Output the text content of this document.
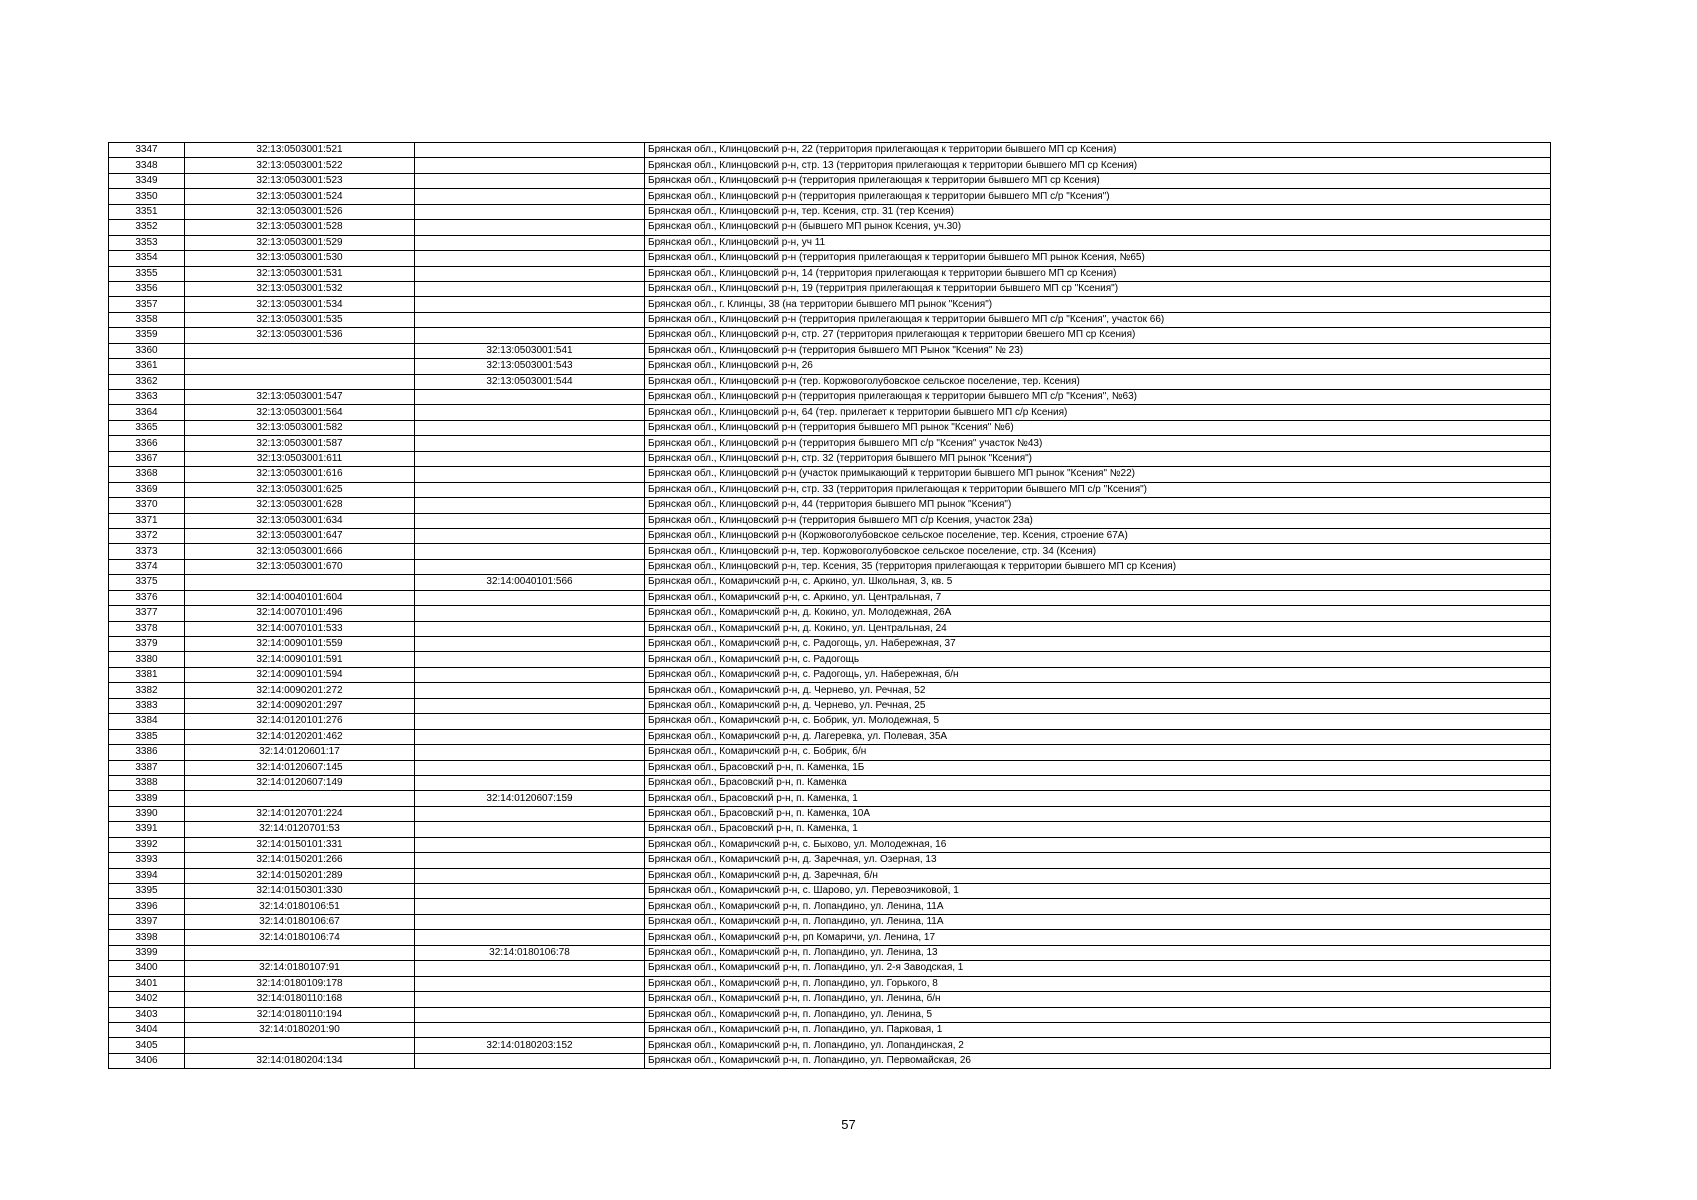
3347	32:13:0503001:521		Брянская обл., Клинцовский р-н, 22 (территория прилегающая к территории бывшего МП ср Ксения)
3348	32:13:0503001:522		Брянская обл., Клинцовский р-н, стр. 13 (территория прилегающая к территории бывшего МП ср Ксения)
3349	32:13:0503001:523		Брянская обл., Клинцовский р-н (территория прилегающая к территории бывшего МП ср Ксения)
3350	32:13:0503001:524		Брянская обл., Клинцовский р-н (территория прилегающая к территории бывшего МП с/р "Ксения")
3351	32:13:0503001:526		Брянская обл., Клинцовский р-н, тер. Ксения, стр. 31 (тер Ксения)
3352	32:13:0503001:528		Брянская обл., Клинцовский р-н (бывшего МП рынок Ксения, уч.30)
3353	32:13:0503001:529		Брянская обл., Клинцовский р-н, уч 11
3354	32:13:0503001:530		Брянская обл., Клинцовский р-н (территория прилегающая к территории бывшего МП рынок Ксения, №65)
3355	32:13:0503001:531		Брянская обл., Клинцовский р-н, 14 (территория прилегающая к территории бывшего МП ср Ксения)
3356	32:13:0503001:532		Брянская обл., Клинцовский р-н, 19 (территрия прилегающая к территории бывшего МП ср "Ксения")
3357	32:13:0503001:534		Брянская обл., г. Клинцы, 38 (на территории бывшего МП рынок "Ксения")
3358	32:13:0503001:535		Брянская обл., Клинцовский р-н (территория прилегающая к территории бывшего МП с/р "Ксения", участок 66)
3359	32:13:0503001:536		Брянская обл., Клинцовский р-н, стр. 27 (территория прилегающая к территории бвешего МП ср Ксения)
3360		32:13:0503001:541	Брянская обл., Клинцовский р-н (территория бывшего МП Рынок "Ксения" № 23)
3361		32:13:0503001:543	Брянская обл., Клинцовский р-н, 26
3362		32:13:0503001:544	Брянская обл., Клинцовский р-н (тер. Коржовоголубовское сельское поселение, тер. Ксения)
3363	32:13:0503001:547		Брянская обл., Клинцовский р-н (территория прилегающая к территории бывшего МП с/р "Ксения", №63)
3364	32:13:0503001:564		Брянская обл., Клинцовский р-н, 64 (тер. прилегает к территории бывшего МП с/р Ксения)
3365	32:13:0503001:582		Брянская обл., Клинцовский р-н (территория бывшего МП рынок "Ксения" №6)
3366	32:13:0503001:587		Брянская обл., Клинцовский р-н (территория бывшего МП с/р "Ксения" участок №43)
3367	32:13:0503001:611		Брянская обл., Клинцовский р-н, стр. 32 (территория бывшего МП рынок "Ксения")
3368	32:13:0503001:616		Брянская обл., Клинцовский р-н (участок примыкающий к территории бывшего МП рынок "Ксения" №22)
3369	32:13:0503001:625		Брянская обл., Клинцовский р-н, стр. 33 (территория прилегающая к территории бывшего МП с/р "Ксения")
3370	32:13:0503001:628		Брянская обл., Клинцовский р-н, 44 (территория бывшего МП рынок "Ксения")
3371	32:13:0503001:634		Брянская обл., Клинцовский р-н (территория бывшего МП с/р Ксения, участок 23а)
3372	32:13:0503001:647		Брянская обл., Клинцовский р-н (Коржовоголубовское сельское поселение, тер. Ксения, строение 67А)
3373	32:13:0503001:666		Брянская обл., Клинцовский р-н, тер. Коржовоголубовское сельское поселение, стр. 34 (Ксения)
3374	32:13:0503001:670		Брянская обл., Клинцовский р-н, тер. Ксения, 35 (территория прилегающая к территории бывшего МП ср Ксения)
3375		32:14:0040101:566	Брянская обл., Комаричский р-н, с. Аркино, ул. Школьная, 3, кв. 5
3376	32:14:0040101:604		Брянская обл., Комаричский р-н, с. Аркино, ул. Центральная, 7
3377	32:14:0070101:496		Брянская обл., Комаричский р-н, д. Кокино, ул. Молодежная, 26А
3378	32:14:0070101:533		Брянская обл., Комаричский р-н, д. Кокино, ул. Центральная, 24
3379	32:14:0090101:559		Брянская обл., Комаричский р-н, с. Радогощь, ул. Набережная, 37
3380	32:14:0090101:591		Брянская обл., Комаричский р-н, с. Радогощь
3381	32:14:0090101:594		Брянская обл., Комаричский р-н, с. Радогощь, ул. Набережная, б/н
3382	32:14:0090201:272		Брянская обл., Комаричский р-н, д. Чернево, ул. Речная, 52
3383	32:14:0090201:297		Брянская обл., Комаричский р-н, д. Чернево, ул. Речная, 25
3384	32:14:0120101:276		Брянская обл., Комаричский р-н, с. Бобрик, ул. Молодежная, 5
3385	32:14:0120201:462		Брянская обл., Комаричский р-н, д. Лагеревка, ул. Полевая, 35А
3386	32:14:0120601:17		Брянская обл., Комаричский р-н, с. Бобрик, б/н
3387	32:14:0120607:145		Брянская обл., Брасовский р-н, п. Каменка, 1Б
3388	32:14:0120607:149		Брянская обл., Брасовский р-н, п. Каменка
3389		32:14:0120607:159	Брянская обл., Брасовский р-н, п. Каменка, 1
3390	32:14:0120701:224		Брянская обл., Брасовский р-н, п. Каменка, 10А
3391	32:14:0120701:53		Брянская обл., Брасовский р-н, п. Каменка, 1
3392	32:14:0150101:331		Брянская обл., Комаричский р-н, с. Быхово, ул. Молодежная, 16
3393	32:14:0150201:266		Брянская обл., Комаричский р-н, д. Заречная, ул. Озерная, 13
3394	32:14:0150201:289		Брянская обл., Комаричский р-н, д. Заречная, б/н
3395	32:14:0150301:330		Брянская обл., Комаричский р-н, с. Шарово, ул. Перевозчиковой, 1
3396	32:14:0180106:51		Брянская обл., Комаричский р-н, п. Лопандино, ул. Ленина, 11А
3397	32:14:0180106:67		Брянская обл., Комаричский р-н, п. Лопандино, ул. Ленина, 11А
3398	32:14:0180106:74		Брянская обл., Комаричский р-н, рп Комаричи, ул. Ленина, 17
3399		32:14:0180106:78	Брянская обл., Комаричский р-н, п. Лопандино, ул. Ленина, 13
3400	32:14:0180107:91		Брянская обл., Комаричский р-н, п. Лопандино, ул. 2-я Заводская, 1
3401	32:14:0180109:178		Брянская обл., Комаричский р-н, п. Лопандино, ул. Горького, 8
3402	32:14:0180110:168		Брянская обл., Комаричский р-н, п. Лопандино, ул. Ленина, б/н
3403	32:14:0180110:194		Брянская обл., Комаричский р-н, п. Лопандино, ул. Ленина, 5
3404	32:14:0180201:90		Брянская обл., Комаричский р-н, п. Лопандино, ул. Парковая, 1
3405		32:14:0180203:152	Брянская обл., Комаричский р-н, п. Лопандино, ул. Лопандинская, 2
3406	32:14:0180204:134		Брянская обл., Комаричский р-н, п. Лопандино, ул. Первомайская, 26
57
